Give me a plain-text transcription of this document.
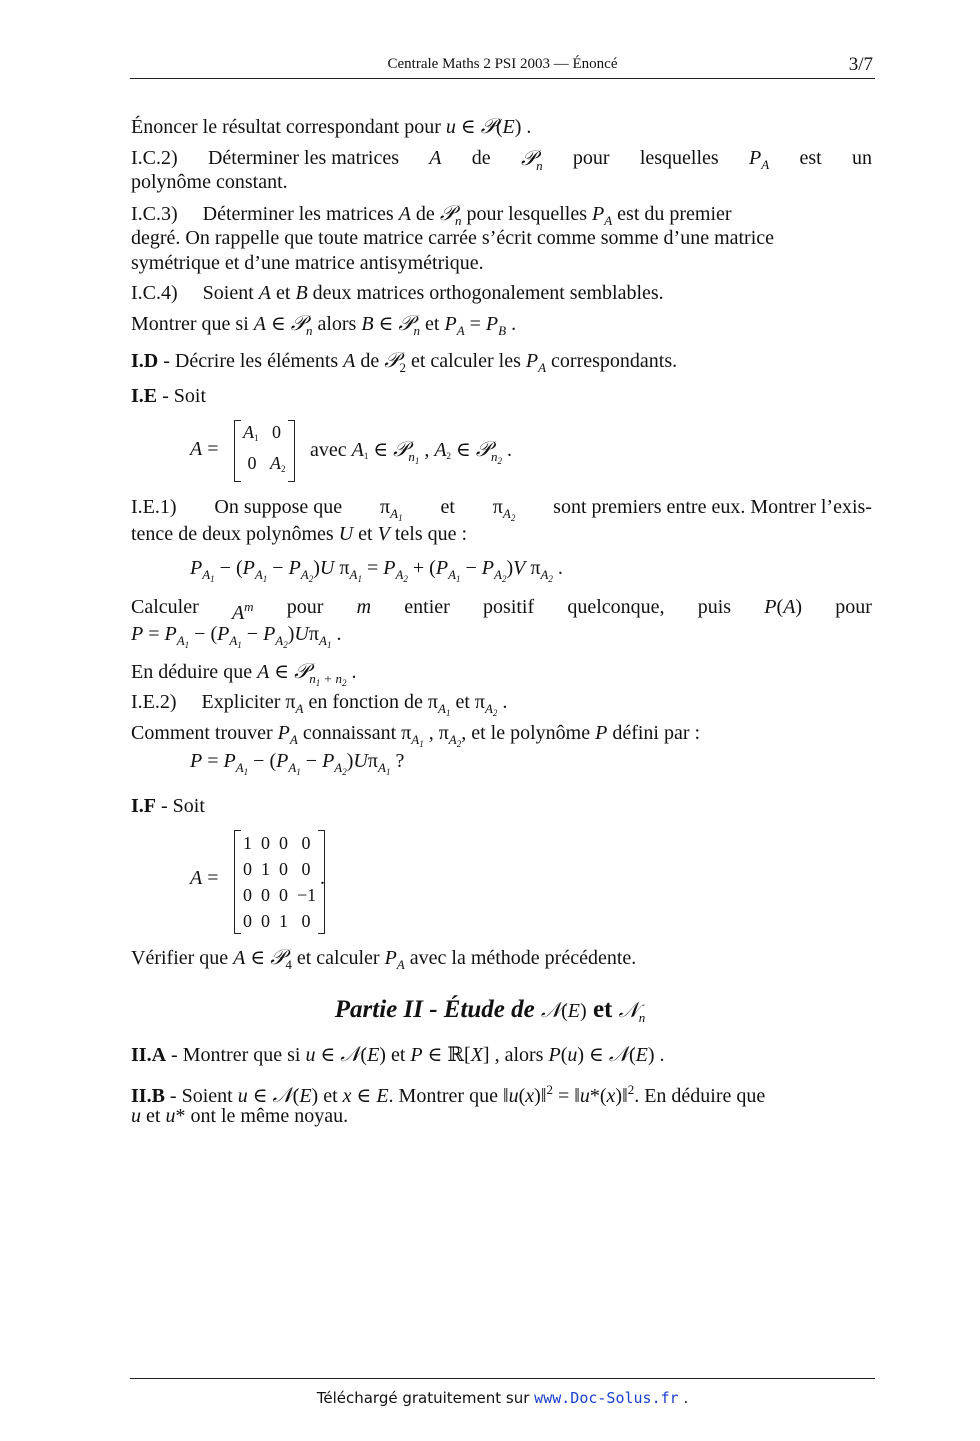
Centrale Maths 2 PSI 2003 — Énoncé	3/7
Énoncer le résultat correspondant pour u ∈ 𝒫(E) .
I.C.2) Déterminer les matrices A de 𝒫$_n$ pour lesquelles $P_A$ est un
polynôme constant.
I.C.3) Déterminer les matrices A de 𝒫$_n$ pour lesquelles $P_A$ est du premier
degré. On rappelle que toute matrice carrée s’écrit comme somme d’une matrice
symétrique et d’une matrice antisymétrique.
I.C.4) Soient A et B deux matrices orthogonalement semblables.
Montrer que si A ∈ 𝒫$_n$ alors B ∈ 𝒫$_n$ et $P_A = P_B$ .
I.D - Décrire les éléments A de 𝒫$_2$ et calculer les $P_A$ correspondants.
I.E - Soit
A =
A1   0
0   A2
avec A1 ∈ 𝒫$_{n_1}$ , A2 ∈ 𝒫$_{n_2}$ .
I.E.1) On suppose que $\pi_{A_1}$ et $\pi_{A_2}$ sont premiers entre eux. Montrer l’exis-
tence de deux polynômes U et V tels que :
$P_{A_1} - (P_{A_1} - P_{A_2})U$ $\pi_{A_1} = P_{A_2} + (P_{A_1} - P_{A_2})V$ $\pi_{A_2}$ .
Calculer $A^m$ pour m entier positif quelconque, puis P(A) pour
$P = P_{A_1} - (P_{A_1} - P_{A_2})U\pi_{A_1}$ .
En déduire que A ∈ 𝒫$_{n_1 + n_2}$ .
I.E.2) Expliciter $\pi_A$ en fonction de $\pi_{A_1}$ et $\pi_{A_2}$ .
Comment trouver $P_A$ connaissant $\pi_{A_1}$ , $\pi_{A_2}$, et le polynôme P défini par :
$P = P_{A_1} - (P_{A_1} - P_{A_2})U\pi_{A_1}$ ?
I.F - Soit
A =
1  0  0   0
0  1  0   0
0  0  0  −1
0  0  1   0
.
Vérifier que A ∈ 𝒫$_4$ et calculer $P_A$ avec la méthode précédente.
Partie II - Étude de 𝒩(E) et 𝒩$_n$
II.A - Montrer que si u ∈ 𝒩(E) et P ∈ ℝ[X] , alors P(u) ∈ 𝒩(E) .
II.B - Soient u ∈ 𝒩(E) et x ∈ E. Montrer que ‖u(x)‖$^2$ = ‖u*(x)‖$^2$. En déduire que
u et u* ont le même noyau.
Téléchargé gratuitement sur www.Doc-Solus.fr .
